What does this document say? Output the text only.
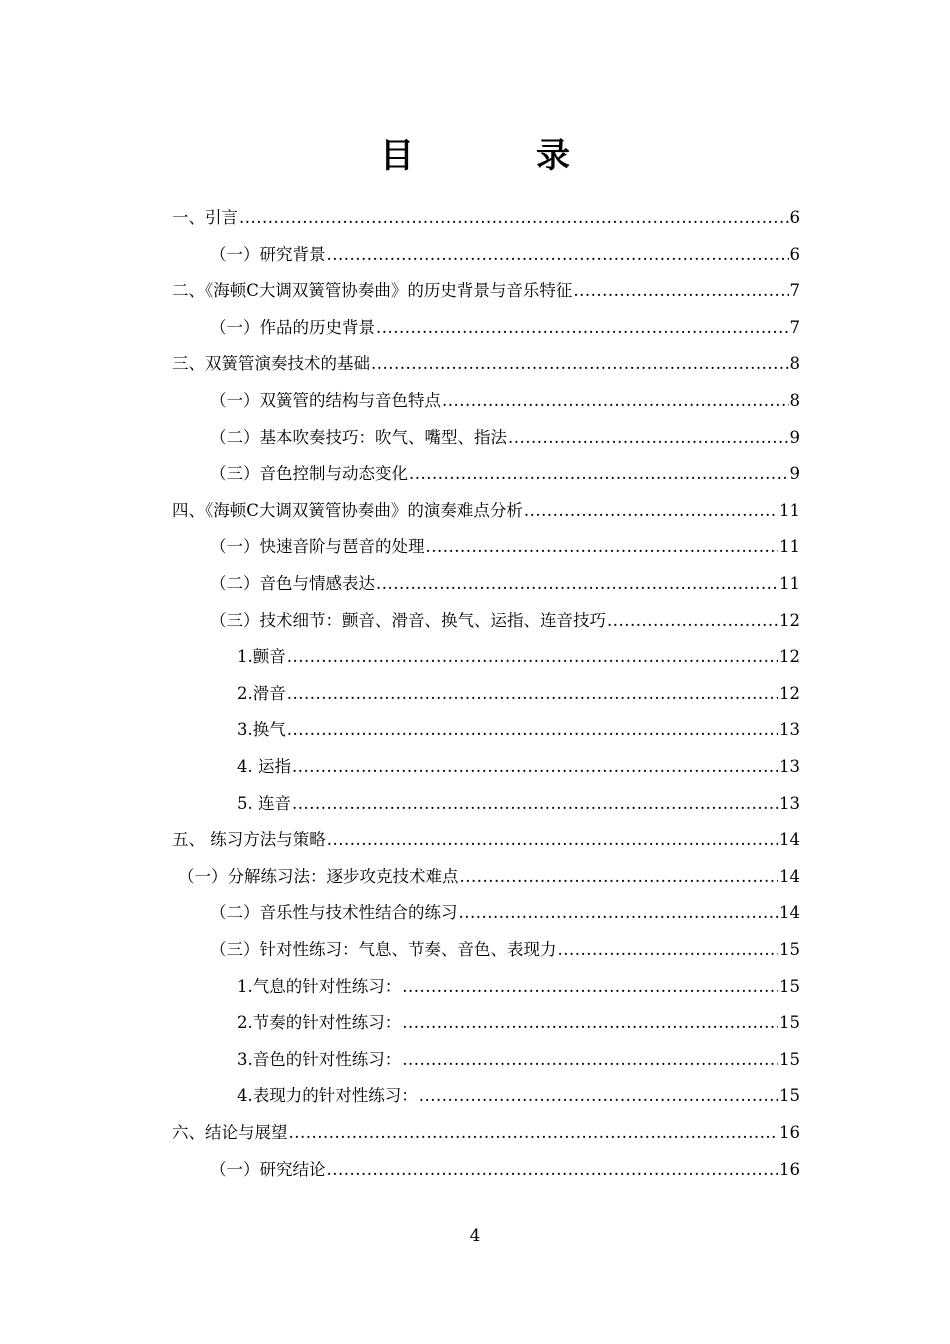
目　录
一、引言 .....	6
（一）研究背景 .....	6
二、《海顿C大调双簧管协奏曲》的历史背景与音乐特征 .....	7
（一）作品的历史背景 .....	7
三、双簧管演奏技术的基础 .....	8
（一）双簧管的结构与音色特点 .....	8
（二）基本吹奏技巧：吹气、嘴型、指法 .....	9
（三）音色控制与动态变化 .....	9
四、《海顿C大调双簧管协奏曲》的演奏难点分析 .....	11
（一）快速音阶与琶音的处理 .....	11
（二）音色与情感表达 .....	11
（三）技术细节：颤音、滑音、换气、运指、连音技巧 .....	12
1.颤音 .....	12
2.滑音 .....	12
3.换气 .....	13
4. 运指 .....	13
5. 连音 .....	13
五、 练习方法与策略 .....	14
（一）分解练习法：逐步攻克技术难点 .....	14
（二）音乐性与技术性结合的练习 .....	14
（三）针对性练习：气息、节奏、音色、表现力 .....	15
1.气息的针对性练习： .....	15
2.节奏的针对性练习： .....	15
3.音色的针对性练习： .....	15
4.表现力的针对性练习： .....	15
六、结论与展望 .....	16
（一）研究结论 .....	16
4
